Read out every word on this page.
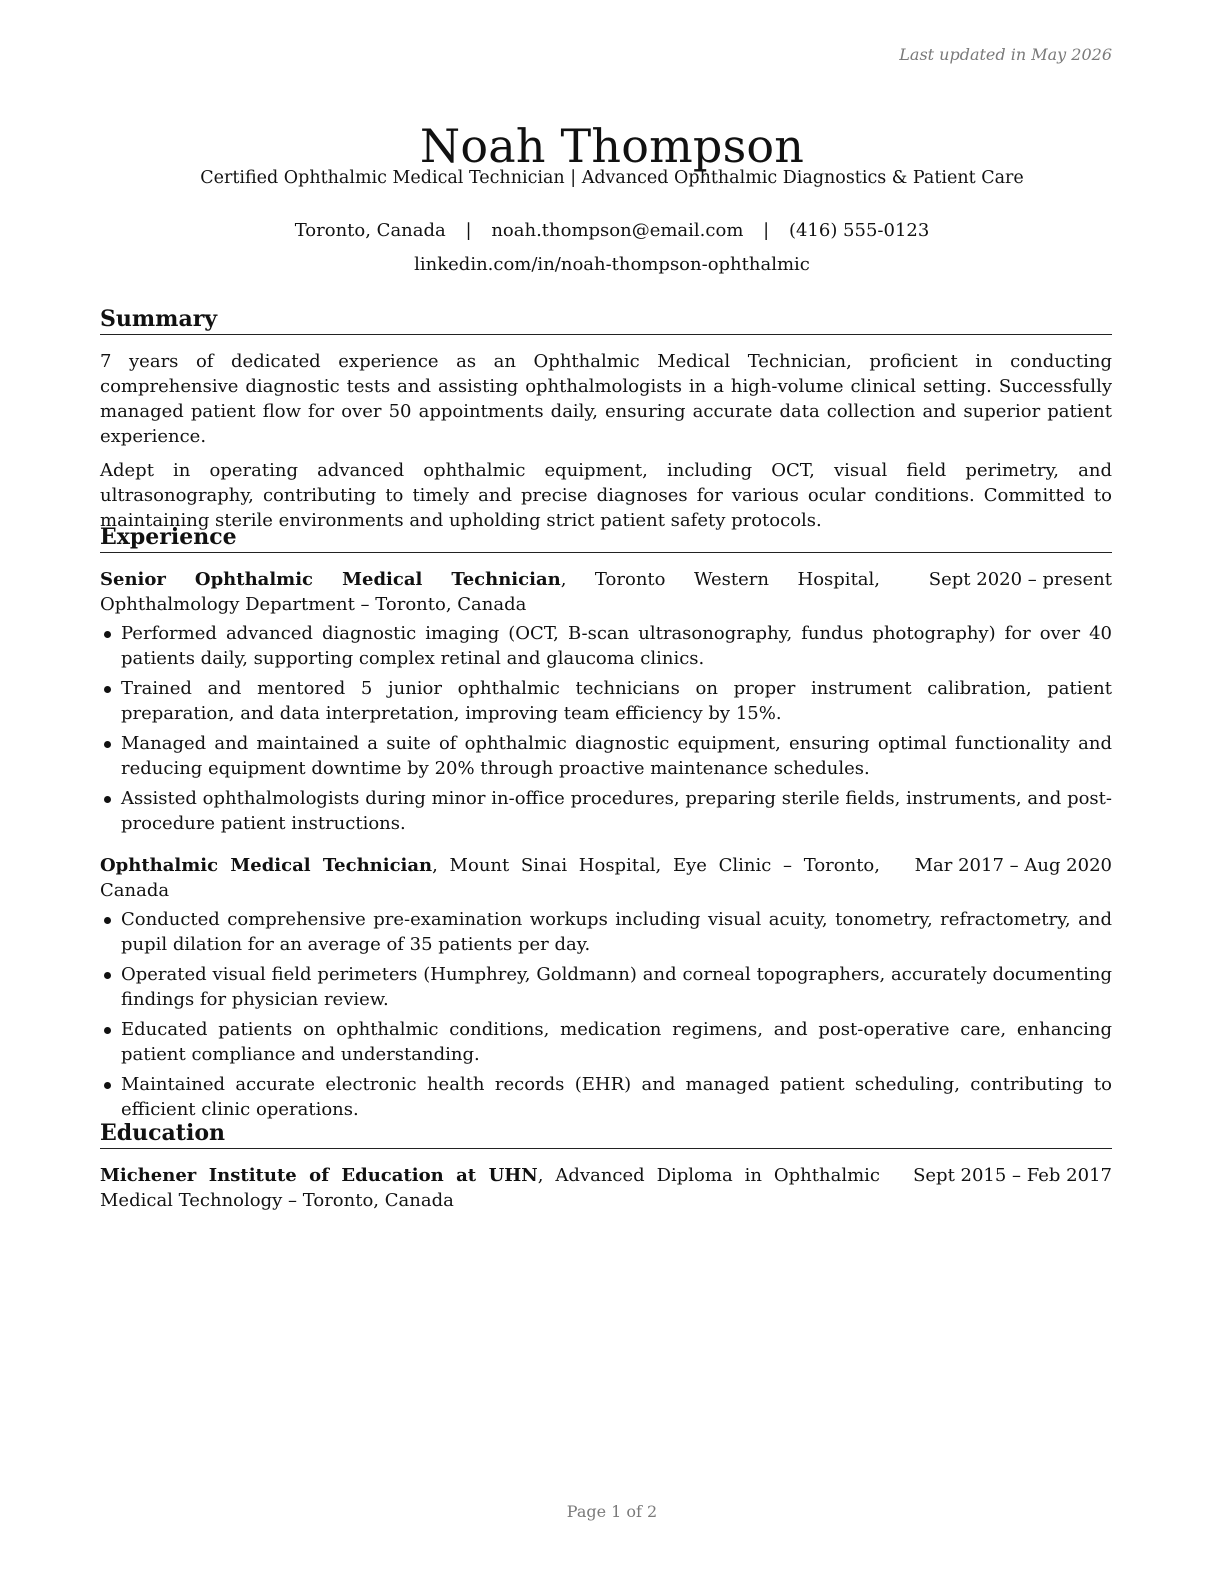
Last updated in May 2026
Noah Thompson
Certified Ophthalmic Medical Technician | Advanced Ophthalmic Diagnostics & Patient Care
Toronto, Canada | noah.thompson@email.com | (416) 555-0123
linkedin.com/in/noah-thompson-ophthalmic
Summary

7 years of dedicated experience as an Ophthalmic Medical Technician, proficient in conducting comprehensive diagnostic tests and assisting ophthalmologists in a high-volume clinical setting. Successfully managed patient flow for over 50 appointments daily, ensuring accurate data collection and superior patient experience.

Adept in operating advanced ophthalmic equipment, including OCT, visual field perimetry, and ultrasonography, contributing to timely and precise diagnoses for various ocular conditions. Committed to maintaining sterile environments and upholding strict patient safety protocols.

Experience
Senior Ophthalmic Medical Technician, Toronto Western Hospital, Ophthalmology Department – Toronto, Canada
Sept 2020 – present
Performed advanced diagnostic imaging (OCT, B-scan ultrasonography, fundus photography) for over 40 patients daily, supporting complex retinal and glaucoma clinics.
Trained and mentored 5 junior ophthalmic technicians on proper instrument calibration, patient preparation, and data interpretation, improving team efficiency by 15%.
Managed and maintained a suite of ophthalmic diagnostic equipment, ensuring optimal functionality and reducing equipment downtime by 20% through proactive maintenance schedules.
Assisted ophthalmologists during minor in-office procedures, preparing sterile fields, instruments, and post-procedure patient instructions.
Ophthalmic Medical Technician, Mount Sinai Hospital, Eye Clinic – Toronto, Canada
Mar 2017 – Aug 2020
Conducted comprehensive pre-examination workups including visual acuity, tonometry, refractometry, and pupil dilation for an average of 35 patients per day.
Operated visual field perimeters (Humphrey, Goldmann) and corneal topographers, accurately documenting findings for physician review.
Educated patients on ophthalmic conditions, medication regimens, and post-operative care, enhancing patient compliance and understanding.
Maintained accurate electronic health records (EHR) and managed patient scheduling, contributing to efficient clinic operations.
Education
Michener Institute of Education at UHN, Advanced Diploma in Ophthalmic Medical Technology – Toronto, Canada
Sept 2015 – Feb 2017
Page 1 of 2
